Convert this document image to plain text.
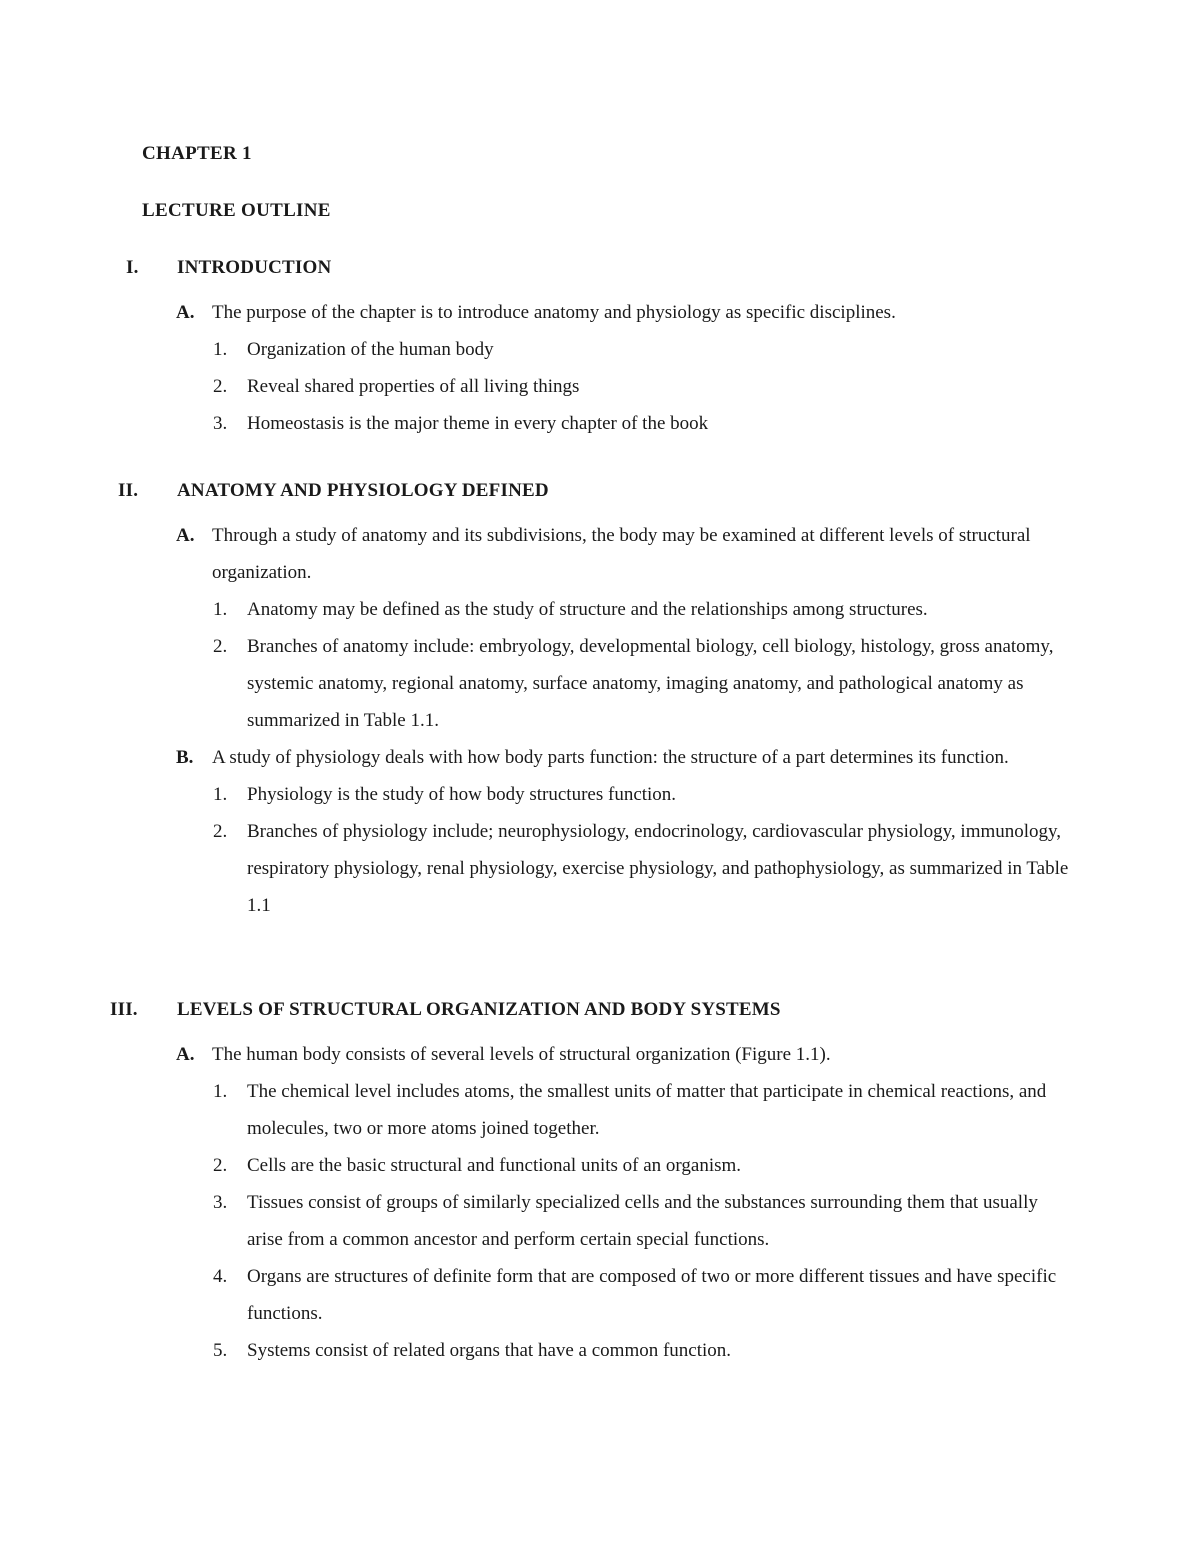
CHAPTER 1
LECTURE OUTLINE
I.	INTRODUCTION
A. The purpose of the chapter is to introduce anatomy and physiology as specific disciplines.
1. Organization of the human body
2. Reveal shared properties of all living things
3. Homeostasis is the major theme in every chapter of the book
II.	ANATOMY AND PHYSIOLOGY DEFINED
A. Through a study of anatomy and its subdivisions, the body may be examined at different levels of structural organization.
1. Anatomy may be defined as the study of structure and the relationships among structures.
2. Branches of anatomy include: embryology, developmental biology, cell biology, histology, gross anatomy, systemic anatomy, regional anatomy, surface anatomy, imaging anatomy, and pathological anatomy as summarized in Table 1.1.
B. A study of physiology deals with how body parts function: the structure of a part determines its function.
1. Physiology is the study of how body structures function.
2. Branches of physiology include; neurophysiology, endocrinology, cardiovascular physiology, immunology, respiratory physiology, renal physiology, exercise physiology, and pathophysiology, as summarized in Table 1.1
III. LEVELS OF STRUCTURAL ORGANIZATION AND BODY SYSTEMS
A. The human body consists of several levels of structural organization (Figure 1.1).
1. The chemical level includes atoms, the smallest units of matter that participate in chemical reactions, and molecules, two or more atoms joined together.
2. Cells are the basic structural and functional units of an organism.
3. Tissues consist of groups of similarly specialized cells and the substances surrounding them that usually arise from a common ancestor and perform certain special functions.
4. Organs are structures of definite form that are composed of two or more different tissues and have specific functions.
5. Systems consist of related organs that have a common function.
